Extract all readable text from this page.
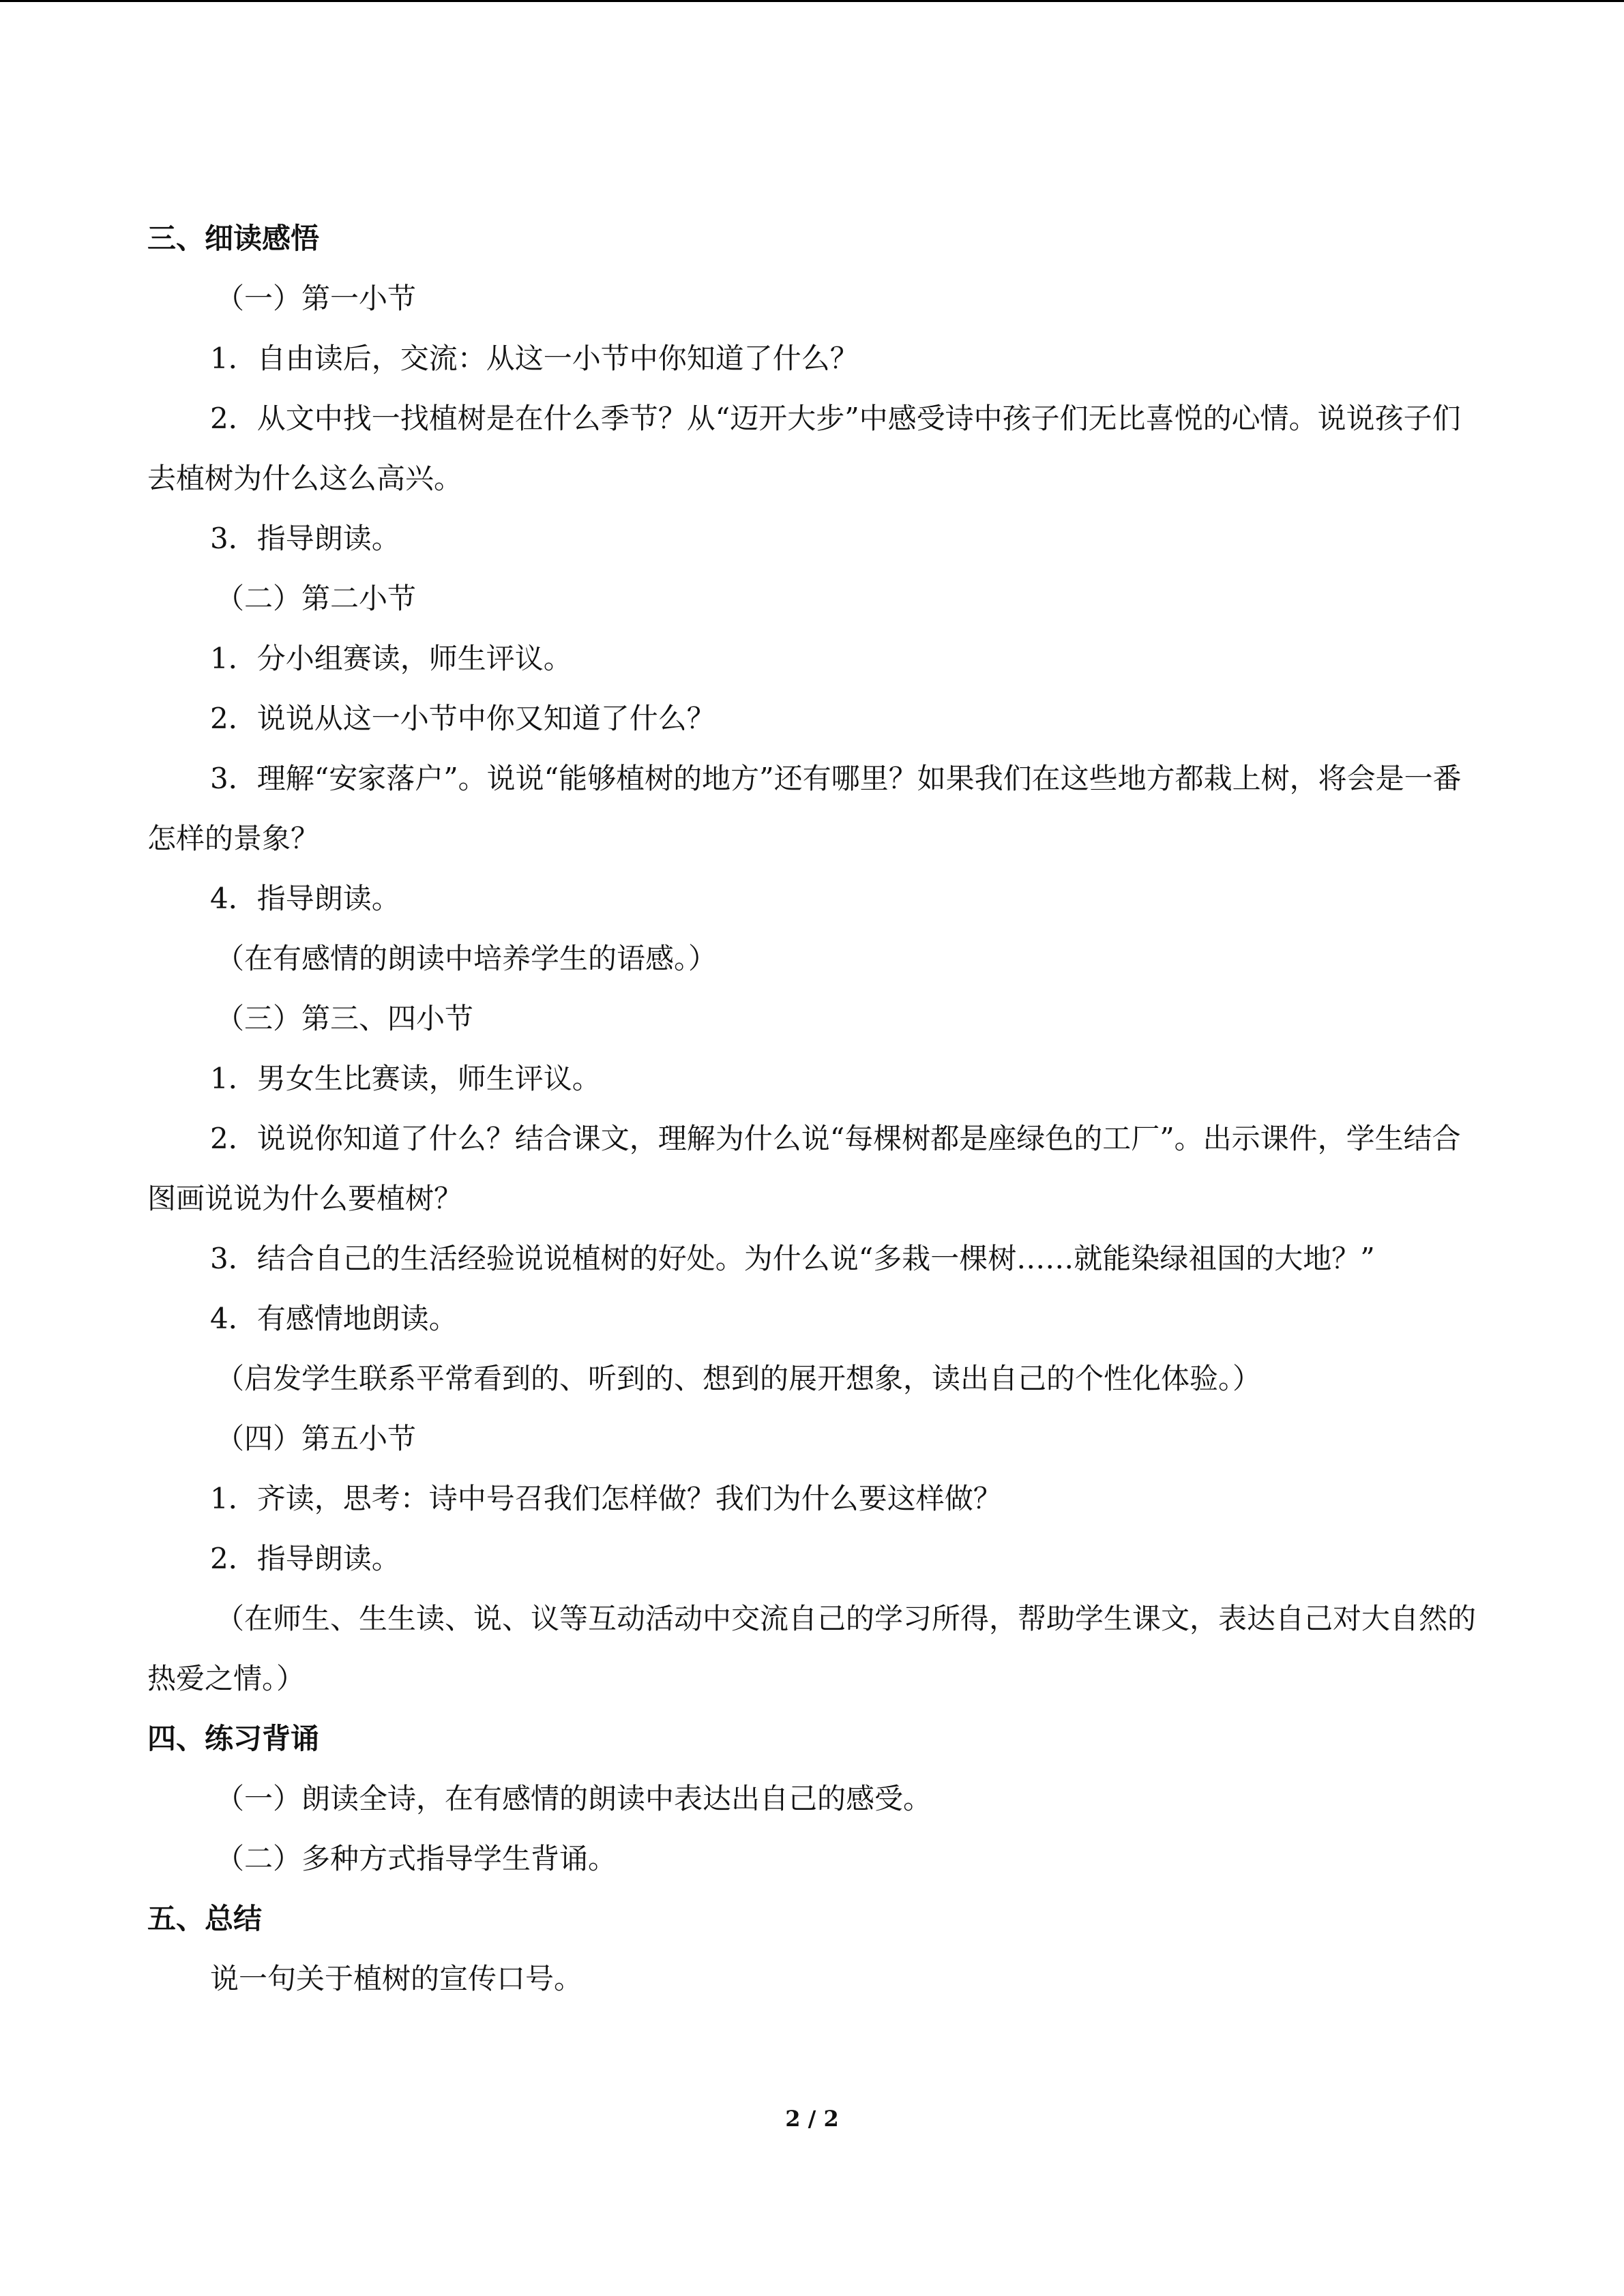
三、细读感悟

（一）第一小节

1．自由读后，交流：从这一小节中你知道了什么？

2．从文中找一找植树是在什么季节？从“迈开大步”中感受诗中孩子们无比喜悦的心情。说说孩子们去植树为什么这么高兴。

3．指导朗读。

（二）第二小节

1．分小组赛读，师生评议。

2．说说从这一小节中你又知道了什么？

3．理解“安家落户”。说说“能够植树的地方”还有哪里？如果我们在这些地方都栽上树，将会是一番怎样的景象？

4．指导朗读。

（在有感情的朗读中培养学生的语感。）

（三）第三、四小节

1．男女生比赛读，师生评议。

2．说说你知道了什么？结合课文，理解为什么说“每棵树都是座绿色的工厂”。出示课件，学生结合图画说说为什么要植树？

3．结合自己的生活经验说说植树的好处。为什么说“多栽一棵树……就能染绿祖国的大地？”

4．有感情地朗读。

（启发学生联系平常看到的、听到的、想到的展开想象，读出自己的个性化体验。）

（四）第五小节

1．齐读，思考：诗中号召我们怎样做？我们为什么要这样做？

2．指导朗读。

（在师生、生生读、说、议等互动活动中交流自己的学习所得，帮助学生课文，表达自己对大自然的热爱之情。）

四、练习背诵

（一）朗读全诗，在有感情的朗读中表达出自己的感受。

（二）多种方式指导学生背诵。

五、总结

说一句关于植树的宣传口号。

2 / 2
